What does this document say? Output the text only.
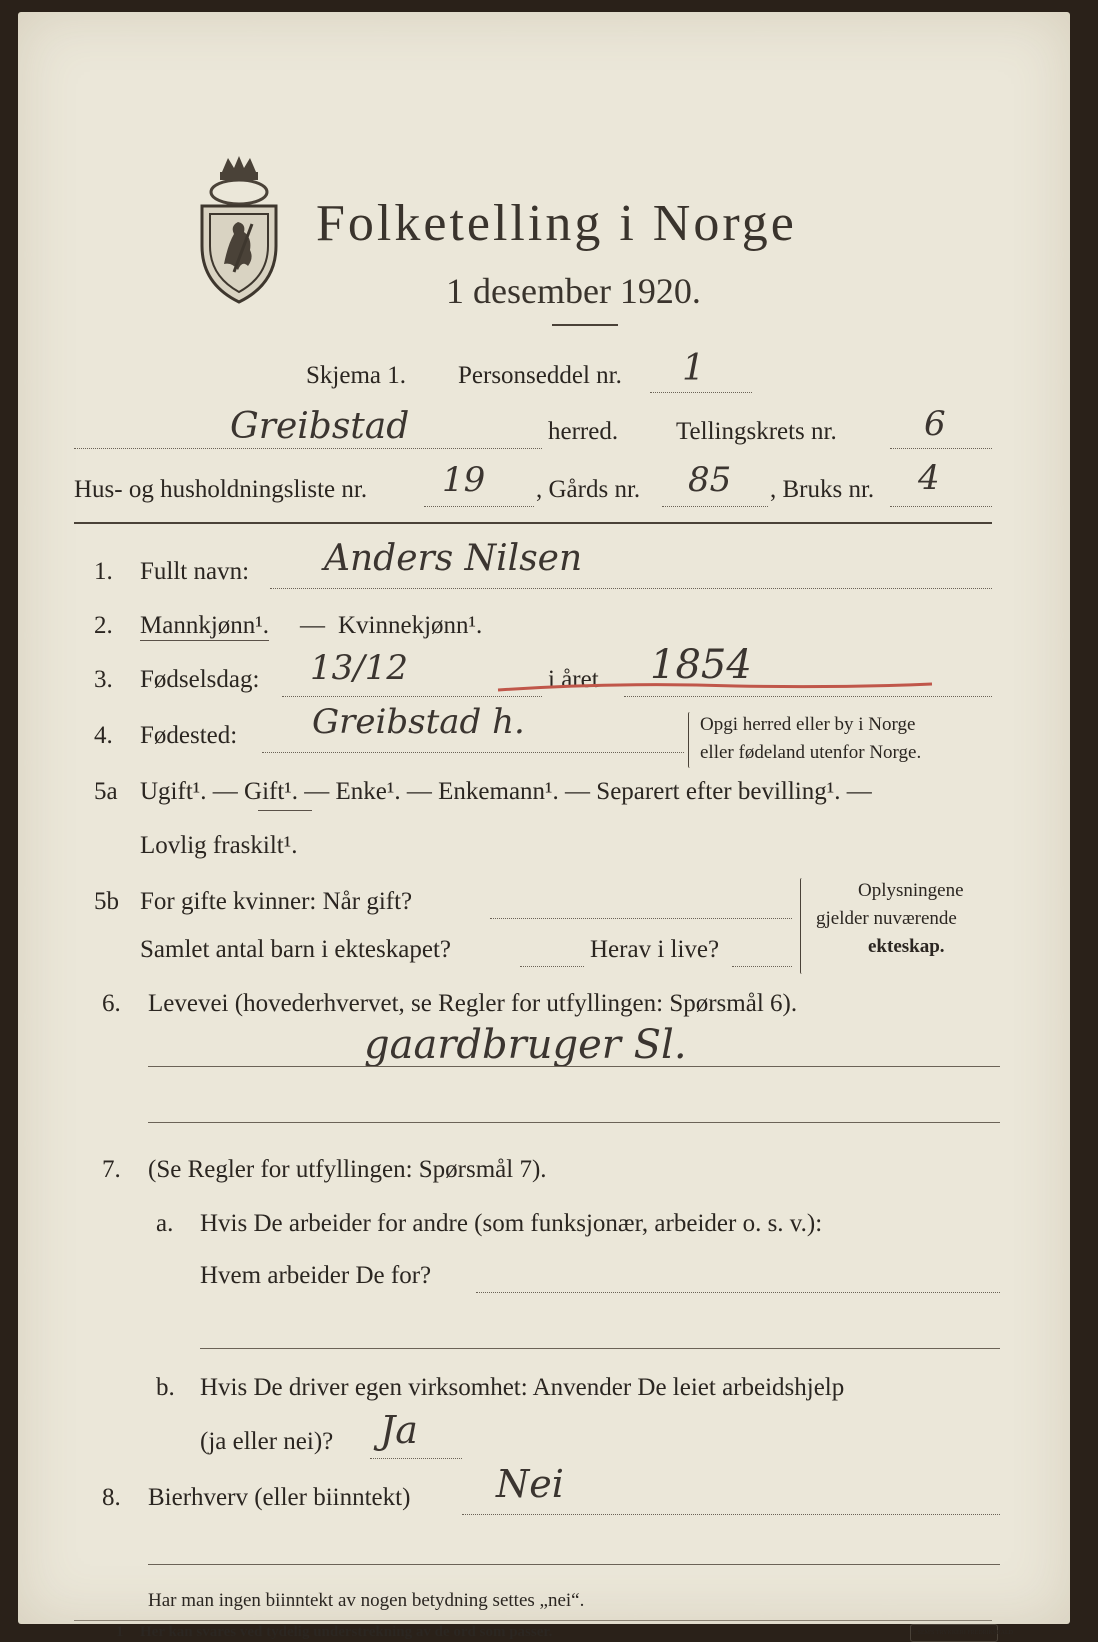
Folketelling i Norge
1 desember 1920.
Skjema 1. Personseddel nr. 1
Greibstad	herred. Tellingskrets nr.	6
Hus- og husholdningsliste nr. 19 , Gårds nr. 85 , Bruks nr. 4
1. Fullt navn: Anders Nilsen
2. Mannkjønn¹. — Kvinnekjønn¹.
3. Fødselsdag: 13/12	i året 1854
4. Fødested: Greibstad h.	Opgi herred eller by i Norge
eller fødeland utenfor Norge.
5a Ugift¹. — Gift¹. — Enke¹. — Enkemann¹. — Separert efter bevilling¹. —
Lovlig fraskilt¹.
5b For gifte kvinner: Når gift?
Samlet antal barn i ekteskapet?	Herav i live?
Oplysningene
gjelder nuværende
ekteskap.
6. Levevei (hovederhvervet, se Regler for utfyllingen: Spørsmål 6).
gaardbruger Sl.
7. (Se Regler for utfyllingen: Spørsmål 7).
a. Hvis De arbeider for andre (som funksjonær, arbeider o. s. v.):
Hvem arbeider De for?
b. Hvis De driver egen virksomhet: Anvender De leiet arbeidshjelp
(ja eller nei)? Ja
8. Bierhverv (eller biinntekt) Nei
Har man ingen biinntekt av nogen betydning settes „nei“.
1 Her kan svares ved tydelig understrekning av de ord som passer.	E. SEM'S TRYKKERI FREDRIKSHALD
